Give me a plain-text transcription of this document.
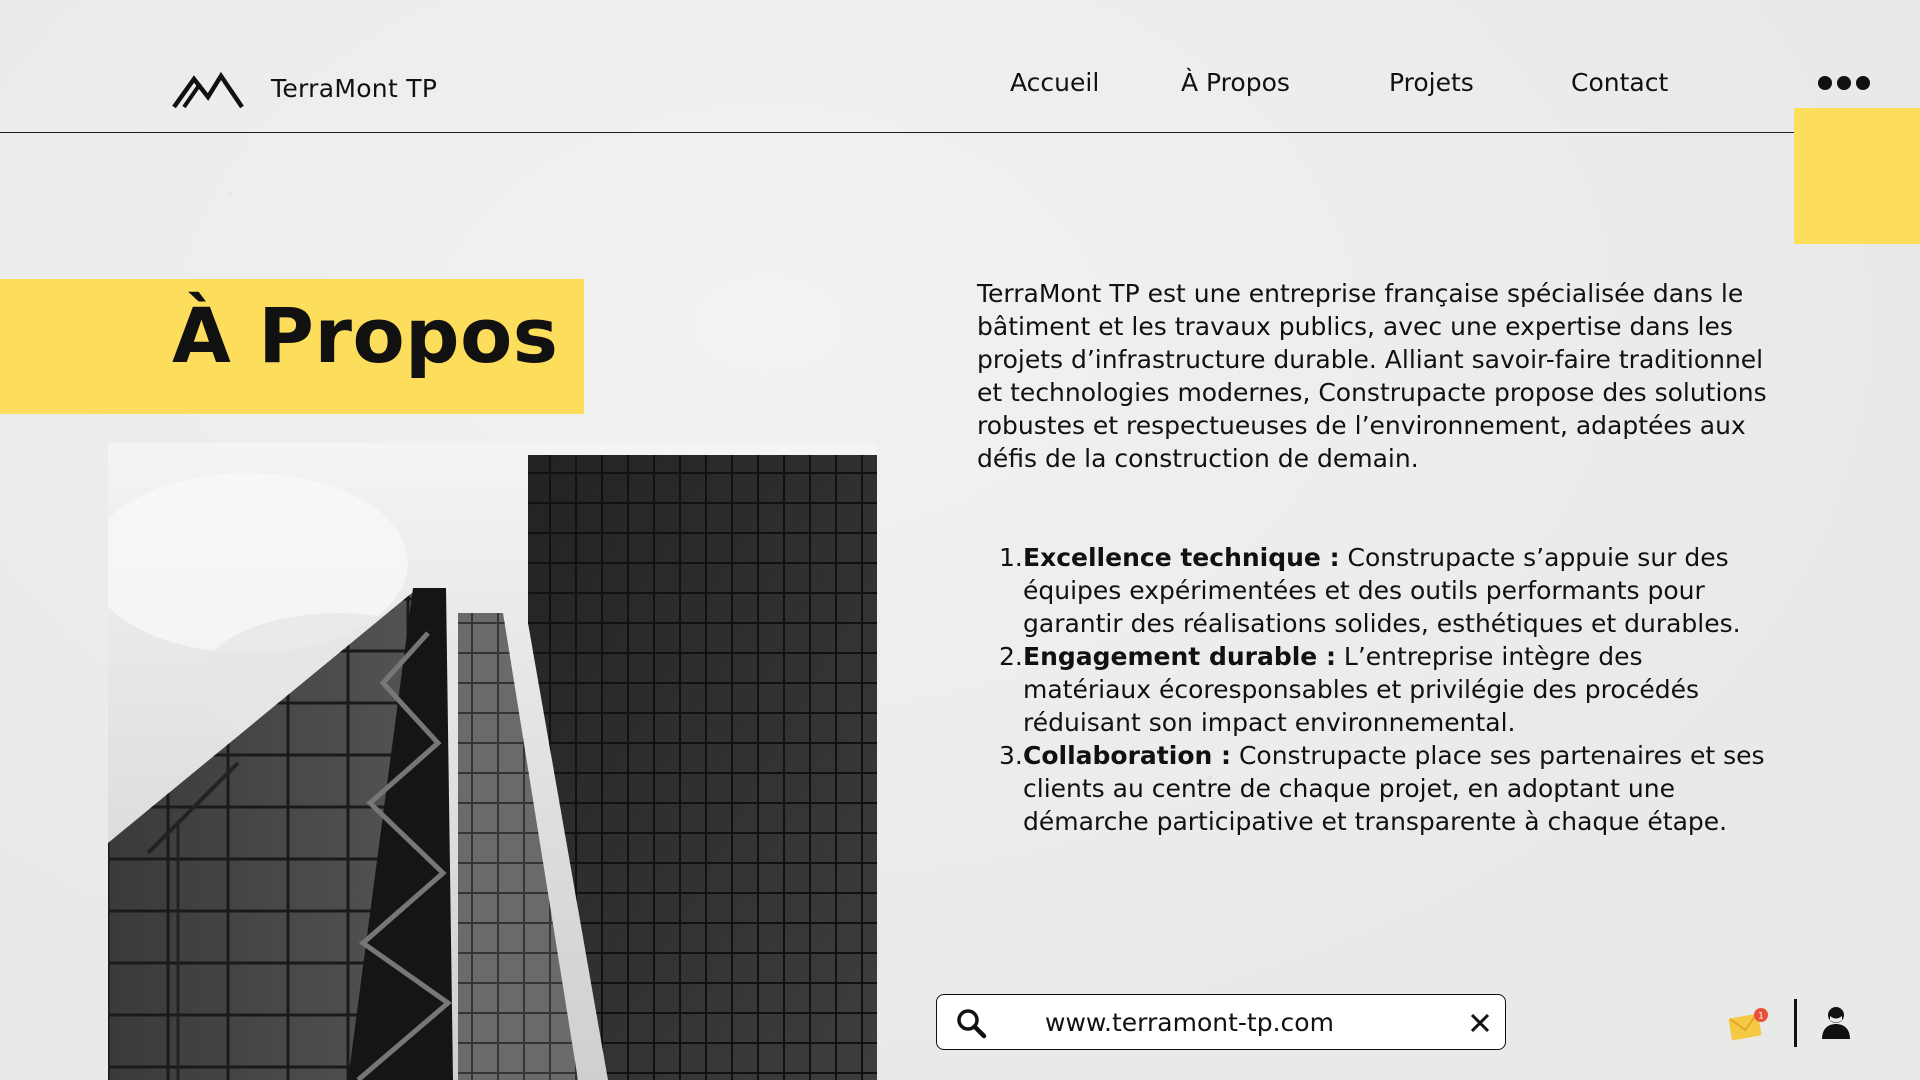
TerraMont TP	Accueil	À Propos	Projets	Contact
À Propos	TerraMont TP est une entreprise française spécialisée dans le bâtiment et les travaux publics, avec une expertise dans les projets d’infrastructure durable. Alliant savoir-faire traditionnel et technologies modernes, Construpacte propose des solutions robustes et respectueuses de l’environnement, adaptées aux défis de la construction de demain.

1. Excellence technique : Construpacte s’appuie sur des équipes expérimentées et des outils performants pour garantir des réalisations solides, esthétiques et durables.
2. Engagement durable : L’entreprise intègre des matériaux écoresponsables et privilégie des procédés réduisant son impact environnemental.
3. Collaboration : Construpacte place ses partenaires et ses clients au centre de chaque projet, en adoptant une démarche participative et transparente à chaque étape.
www.terramont-tp.com
1
